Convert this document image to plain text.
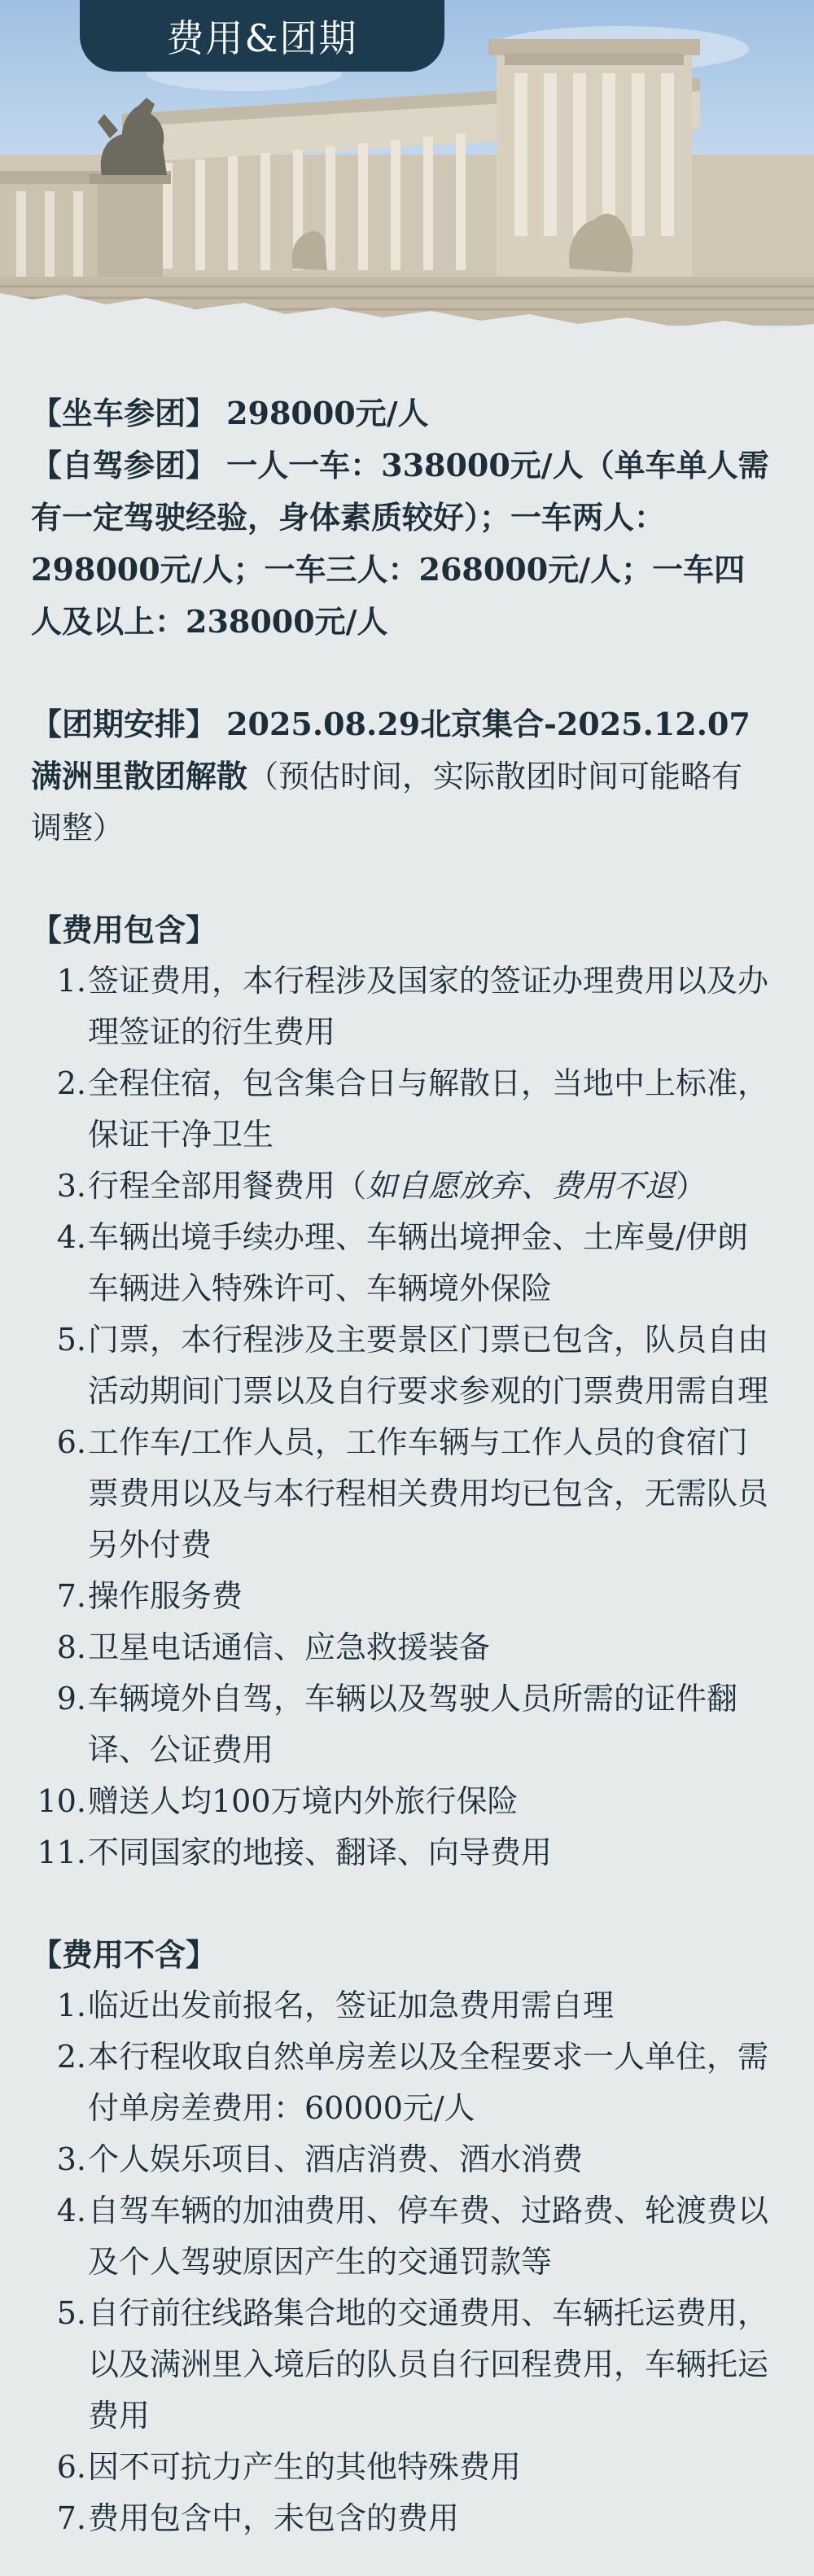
费用&团期

【坐车参团】 298000元/人

【自驾参团】 一人一车：338000元/人（单车单人需有一定驾驶经验，身体素质较好）；一车两人：298000元/人；一车三人：268000元/人；一车四人及以上：238000元/人

【团期安排】 2025.08.29北京集合-2025.12.07满洲里散团解散（预估时间，实际散团时间可能略有调整）

【费用包含】

1. 签证费用，本行程涉及国家的签证办理费用以及办理签证的衍生费用
2. 全程住宿，包含集合日与解散日，当地中上标准，保证干净卫生
3. 行程全部用餐费用（如自愿放弃、费用不退）
4. 车辆出境手续办理、车辆出境押金、土库曼/伊朗车辆进入特殊许可、车辆境外保险
5. 门票，本行程涉及主要景区门票已包含，队员自由活动期间门票以及自行要求参观的门票费用需自理
6. 工作车/工作人员，工作车辆与工作人员的食宿门票费用以及与本行程相关费用均已包含，无需队员另外付费
7. 操作服务费
8. 卫星电话通信、应急救援装备
9. 车辆境外自驾，车辆以及驾驶人员所需的证件翻译、公证费用
10. 赠送人均100万境内外旅行保险
11. 不同国家的地接、翻译、向导费用

【费用不含】

1. 临近出发前报名，签证加急费用需自理
2. 本行程收取自然单房差以及全程要求一人单住，需付单房差费用：60000元/人
3. 个人娱乐项目、酒店消费、酒水消费
4. 自驾车辆的加油费用、停车费、过路费、轮渡费以及个人驾驶原因产生的交通罚款等
5. 自行前往线路集合地的交通费用、车辆托运费用，以及满洲里入境后的队员自行回程费用，车辆托运费用
6. 因不可抗力产生的其他特殊费用
7. 费用包含中，未包含的费用
